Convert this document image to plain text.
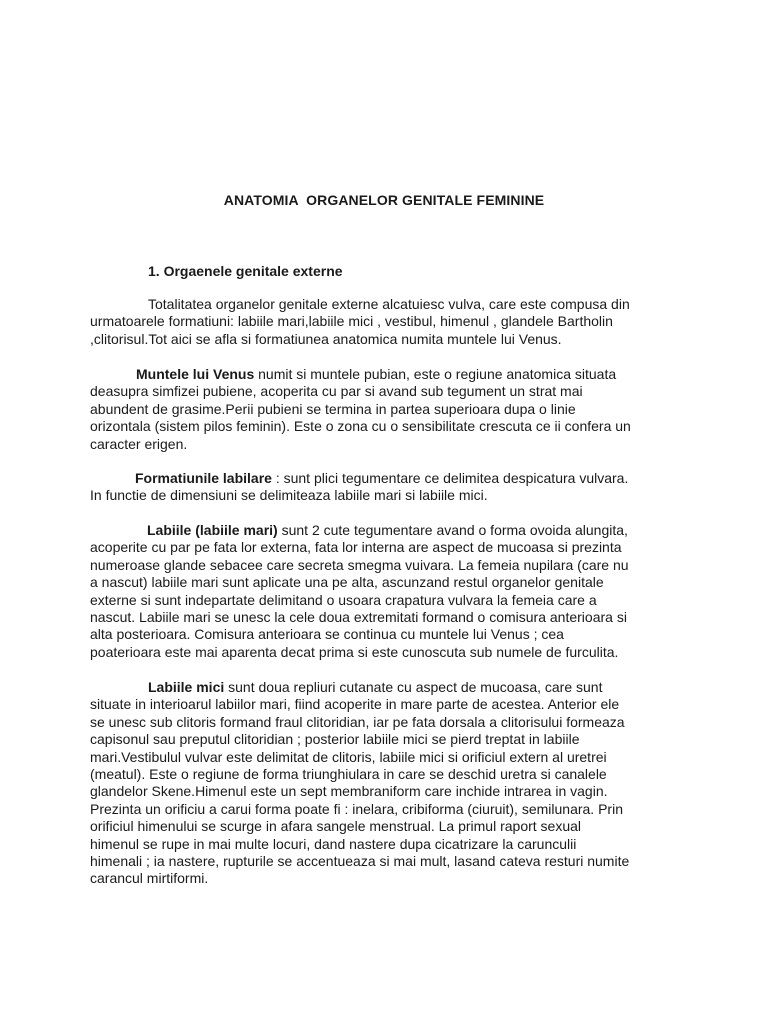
ANATOMIA  ORGANELOR GENITALE FEMININE
1. Orgaenele genitale externe

Totalitatea organelor genitale externe alcatuiesc vulva, care este compusa din
urmatoarele formatiuni: labiile mari,labiile mici , vestibul, himenul , glandele Bartholin
,clitorisul.Tot aici se afla si formatiunea anatomica numita muntele lui Venus.

Muntele lui Venus numit si muntele pubian, este o regiune anatomica situata
deasupra simfizei pubiene, acoperita cu par si avand sub tegument un strat mai
abundent de grasime.Perii pubieni se termina in partea superioara dupa o linie
orizontala (sistem pilos feminin). Este o zona cu o sensibilitate crescuta ce ii confera un
caracter erigen.

Formatiunile labilare : sunt plici tegumentare ce delimitea despicatura vulvara.
In functie de dimensiuni se delimiteaza labiile mari si labiile mici.

Labiile (labiile mari) sunt 2 cute tegumentare avand o forma ovoida alungita,
acoperite cu par pe fata lor externa, fata lor interna are aspect de mucoasa si prezinta
numeroase glande sebacee care secreta smegma vuivara. La femeia nupilara (care nu
a nascut) labiile mari sunt aplicate una pe alta, ascunzand restul organelor genitale
externe si sunt indepartate delimitand o usoara crapatura vulvara la femeia care a
nascut. Labiile mari se unesc la cele doua extremitati formand o comisura anterioara si
alta posterioara. Comisura anterioara se continua cu muntele lui Venus ; cea
poaterioara este mai aparenta decat prima si este cunoscuta sub numele de furculita.

Labiile mici sunt doua repliuri cutanate cu aspect de mucoasa, care sunt
situate in interioarul labiilor mari, fiind acoperite in mare parte de acestea. Anterior ele
se unesc sub clitoris formand fraul clitoridian, iar pe fata dorsala a clitorisului formeaza
capisonul sau preputul clitoridian ; posterior labiile mici se pierd treptat in labiile
mari.Vestibulul vulvar este delimitat de clitoris, labiile mici si orificiul extern al uretrei
(meatul). Este o regiune de forma triunghiulara in care se deschid uretra si canalele
glandelor Skene.Himenul este un sept membraniform care inchide intrarea in vagin.
Prezinta un orificiu a carui forma poate fi : inelara, cribiforma (ciuruit), semilunara. Prin
orificiul himenului se scurge in afara sangele menstrual. La primul raport sexual
himenul se rupe in mai multe locuri, dand nastere dupa cicatrizare la carunculii
himenali ; ia nastere, rupturile se accentueaza si mai mult, lasand cateva resturi numite
carancul mirtiformi.
